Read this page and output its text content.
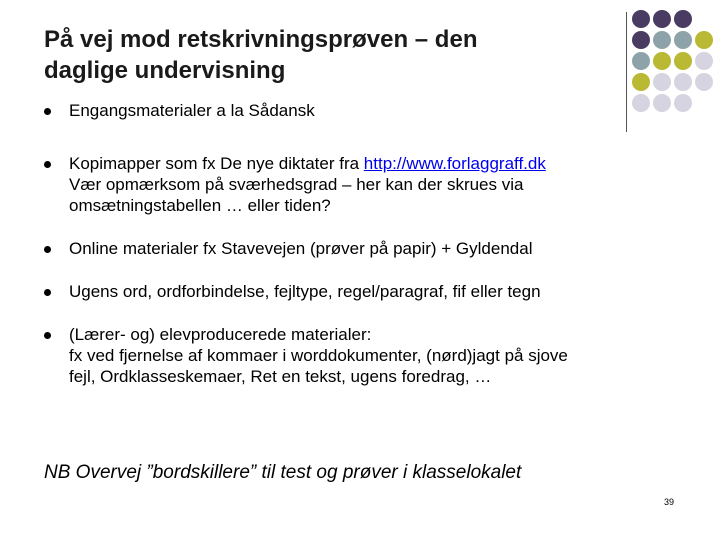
På vej mod retskrivningsprøven – den
daglige undervisning
Engangsmaterialer a la Sådansk
Kopimapper som fx De nye diktater fra http://www.forlaggraff.dk
Vær opmærksom på sværhedsgrad – her kan der skrues via
omsætningstabellen … eller tiden?
Online materialer fx Stavevejen (prøver på papir) + Gyldendal
Ugens ord, ordforbindelse, fejltype, regel/paragraf, fif eller tegn
(Lærer- og) elevproducerede materialer:
fx ved fjernelse af kommaer i worddokumenter, (nørd)jagt på sjove
fejl, Ordklasseskemaer, Ret en tekst, ugens foredrag, …
NB Overvej ”bordskillere” til test og prøver i klasselokalet
39
